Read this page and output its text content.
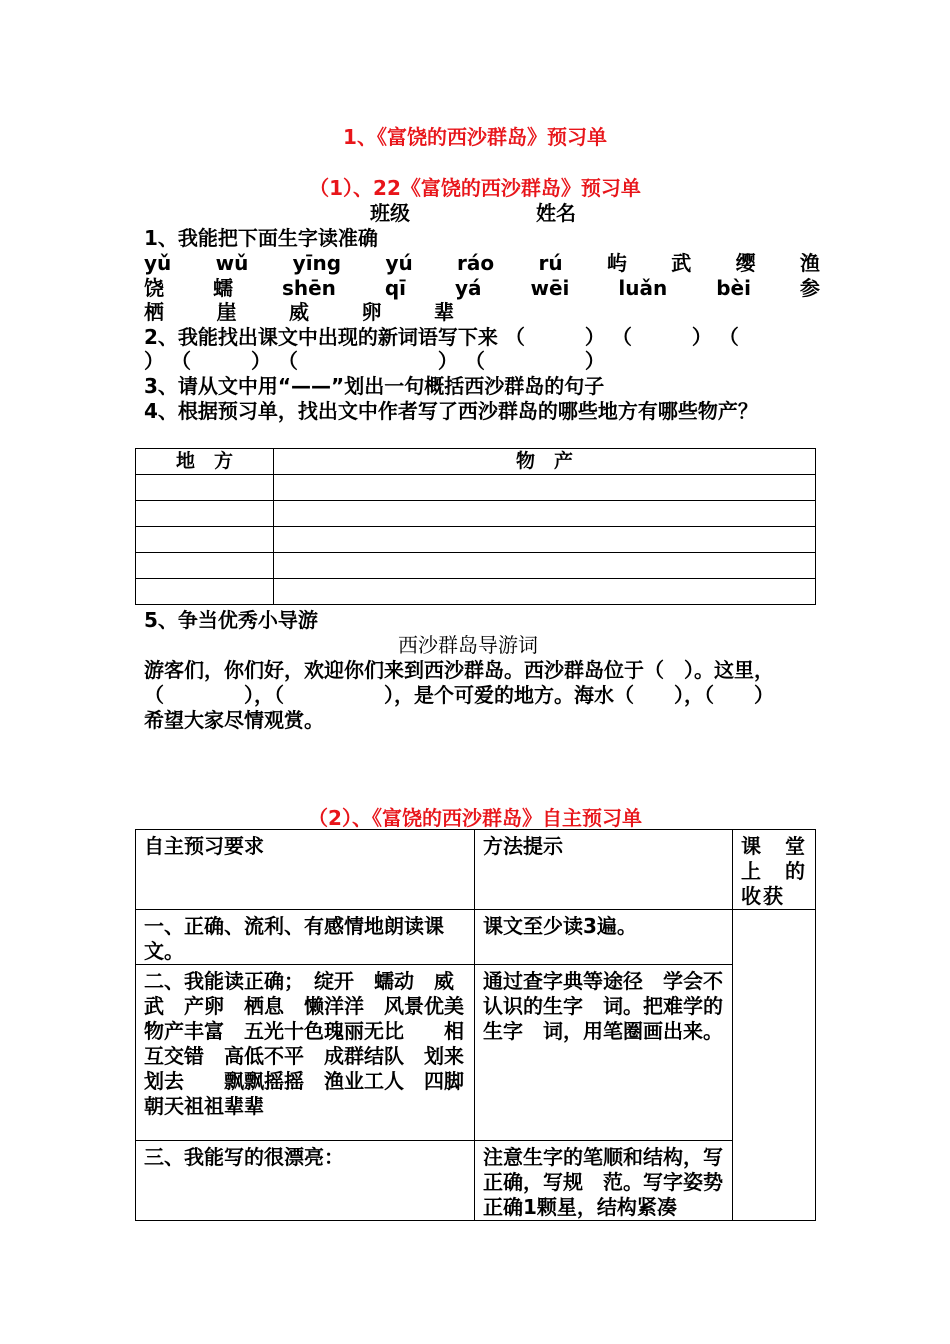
1、《富饶的西沙群岛》预习单
（1）、22《富饶的西沙群岛》预习单
班级	姓名
1、我能把下面生字读准确
yǔ wǔ yīng yú ráo rú 屿 武 缨 渔
饶 蠕 shēn qī yá wēi luǎn bèi 参
栖	崖	威	卵	辈
2、我能找出课文中出现的新词语写下来 （　　　） （　　　） （
） （　　　） （　　　　　　　） （　　　　　）
3、请从文中用“——”划出一句概括西沙群岛的句子
4、根据预习单，找出文中作者写了西沙群岛的哪些地方有哪些物产？
地　方	物　产

5、争当优秀小导游
西沙群岛导游词
游客们，你们好，欢迎你们来到西沙群岛。西沙群岛位于（　）。这里，
（　　　　），（　　　　　），是个可爱的地方。海水（　　），（　　）
希望大家尽情观赏。
（2）、《富饶的西沙群岛》自主预习单
自主预习要求	方法提示	课　堂　上　的　收获
一、正确、流利、有感情地朗读课文。	课文至少读3遍。	
二、我能读正确；　绽开　蠕动　威武　产卵　栖息　懒洋洋　风景优美　物产丰富　五光十色瑰丽无比　　相互交错　高低不平　成群结队　划来划去　　飘飘摇摇　渔业工人　四脚朝天祖祖辈辈	通过查字典等途径　学会不认识的生字　词。把难学的生字　词，用笔圈画出来。	
三、我能写的很漂亮：	注意生字的笔顺和结构，写正确，写规　范。写字姿势正确1颗星，结构紧凑	
